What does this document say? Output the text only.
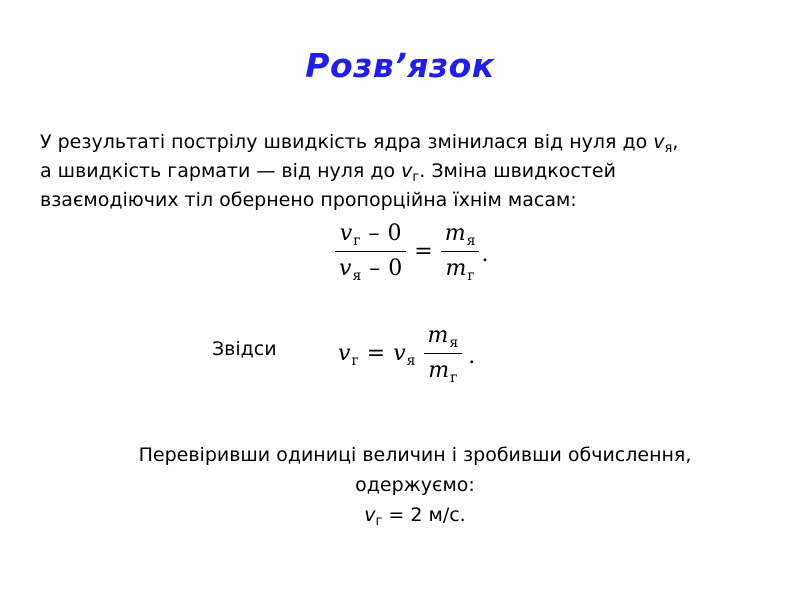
Розв’язок
У результаті пострілу швидкість ядра змінилася від нуля до $v_я$,
а швидкість гармати — від нуля до $v_г$. Зміна швидкостей
взаємодіючих тіл обернено пропорційна їхнім масам:
$\frac{v_г - 0}{v_я - 0} = \frac{m_я}{m_г}$ .
Звідси	$v_г = v_я \frac{m_я}{m_г}$ .
Перевіривши одиниці величин і зробивши обчислення,
одержуємо:
$v_г = 2$ м/с.
